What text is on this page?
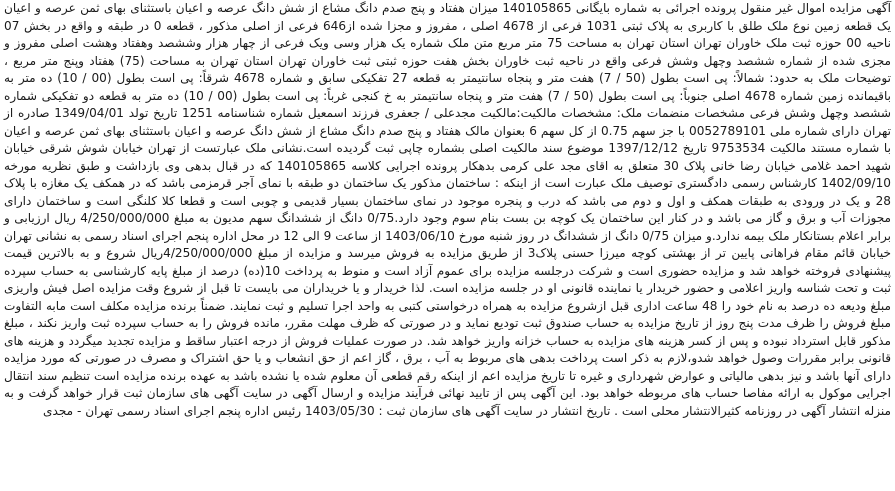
آگهی مزایده اموال غیر منقول پرونده اجرائی به شماره بایگانی 140105865 میزان هفتاد و پنج صدم دانگ مشاع از شش دانگ عرصه و اعیان باستثنای بهای ثمن عرصه و اعیان یک قطعه زمین نوع ملک طلق با کاربری به پلاک ثبتی 1031 فرعی از 4678 اصلی ، مفروز و مجزا شده از646 فرعی از اصلی مذکور ، قطعه 0 در طبقه و واقع در بخش 07 ناحیه 00 حوزه ثبت ملک خاوران تهران استان تهران به مساحت 75 متر مربع متن ملک شماره یک هزار وسی ویک فرعی از چهار هزار وششصد وهفتاد وهشت اصلی مفروز و مجزی شده از شماره ششصد وچهل وشش فرعی واقع در ناحیه ثبت خاوران بخش هفت حوزه ثبتی ثبت خاوران تهران استان تهران به مساحت (75) هفتاد وپنج متر مربع ، توضیحات ملک به حدود: شمالاً: پی است بطول (50 / 7) هفت متر و پنجاه سانتیمتر به قطعه 27 تفکیکی سابق و شماره 4678 شرقاً: پی است بطول (00 / 10) ده متر به باقیمانده زمین شماره 4678 اصلی جنوباً: پی است بطول (50 / 7) هفت متر و پنجاه سانتیمتر به خ کنجی غرباً: پی است بطول (00 / 10) ده متر به قطعه دو تفکیکی شماره ششصد وچهل وشش فرعی مشخصات منضمات ملک: مشخصات مالکیت:مالکیت مجدعلی / جعفری فرزند اسمعیل شماره شناسنامه 1251 تاریخ تولد 1349/04/01 صادره از تهران دارای شماره ملی 0052789101 با جز سهم 0.75 از کل سهم 6 بعنوان مالک هفتاد و پنج صدم دانگ مشاع از شش دانگ عرصه و اعیان باستثنای بهای ثمن عرصه و اعیان با شماره مستند مالکیت 9753534 تاریخ 1397/12/12 موضوع سند مالکیت اصلی بشماره چاپی ثبت گردیده است.نشانی ملک عبارتست از تهران خیابان شوش شرقی خیابان شهید احمد غلامی خیابان رضا خانی پلاک 30 متعلق به اقای مجد علی کرمی بدهکار پرونده اجرایی کلاسه 140105865 که در قبال بدهی وی بازداشت و طبق نظریه مورخه 1402/09/10 کارشناس رسمی دادگستری توصیف ملک عبارت است از اینکه : ساختمان مذکور یک ساختمان دو طبقه با نمای آجر قرمزمی باشد که در همکف یک مغازه با پلاک 28 و یک در ورودی به طبقات همکف و اول و دوم می باشد که درب و پنجره موجود در نمای ساختمان بسیار قدیمی و چوبی است و قطعا کلا کلنگی است و ساختمان دارای مجوزات آب و برق و گاز می باشد و در کنار این ساختمان یک کوچه بن بست بنام سوم وجود دارد.0/75 دانگ از ششدانگ سهم مدیون به مبلغ 4/250/000/000 ریال ارزیابی و برابر اعلام بستانکار ملک بیمه ندارد.و میزان 0/75 دانگ از ششدانگ در روز شنبه مورخ 1403/06/10 از ساعت 9 الی 12 در محل اداره پنجم اجرای اسناد رسمی به نشانی تهران خیابان قائم مقام فراهانی پایین تر از بهشتی کوچه میرزا حسنی پلاک3 از طریق مزایده به فروش میرسد و مزایده از مبلغ 4/250/000/000ریال شروع و به بالاترین قیمت پیشنهادی فروخته خواهد شد و مزایده حضوری است و شرکت درجلسه مزایده برای عموم آزاد است و منوط به پرداخت 10(ده) درصد از مبلغ پایه کارشناسی به حساب سپرده ثبت و تحت شناسه واریز اعلامی و حضور خریدار یا نماینده قانونی او در جلسه مزایده است. لذا خریدار و یا خریداران می بایست تا قبل از شروع وقت مزایده اصل فیش واریزی مبلغ ودیعه ده درصد به نام خود را 48 ساعت اداری قبل ازشروع مزایده به همراه درخواستی کتبی به واحد اجرا تسلیم و ثبت نمایند. ضمناً برنده مزایده مکلف است مابه التفاوت مبلغ فروش را ظرف مدت پنج روز از تاریخ مزایده به حساب صندوق ثبت تودیع نماید و در صورتی که ظرف مهلت مقرر، مانده فروش را به حساب سپرده ثبت واریز نکند ، مبلغ مذکور قابل استرداد نبوده و پس از کسر هزینه های مزایده به حساب خزانه واریز خواهد شد. در صورت عملیات فروش از درجه اعتبار ساقط و مزایده تجدید میگردد و هزینه های قانونی برابر مقررات وصول خواهد شدو،لازم به ذکر است پرداخت بدهی های مربوط به آب ، برق ، گاز اعم از حق انشعاب و یا حق اشتراک و مصرف در صورتی که مورد مزایده دارای آنها باشد و نیز بدهی مالیاتی و عوارض شهرداری و غیره تا تاریخ مزایده اعم از اینکه رقم قطعی آن معلوم شده یا نشده باشد به عهده برنده مزایده است تنظیم سند انتقال اجرایی موکول به ارائه مفاصا حساب های مربوطه خواهد بود. این آگهی پس از تایید نهائی فرآیند مزایده و ارسال آگهی در سایت آگهی های سازمان ثبت قرار خواهد گرفت و به منزله انتشار آگهی در روزنامه کثیرالانتشار محلی است . تاریخ انتشار در سایت آگهی های سازمان ثبت : 1403/05/30 رئیس اداره پنجم اجرای اسناد رسمی تهران - مجدی
